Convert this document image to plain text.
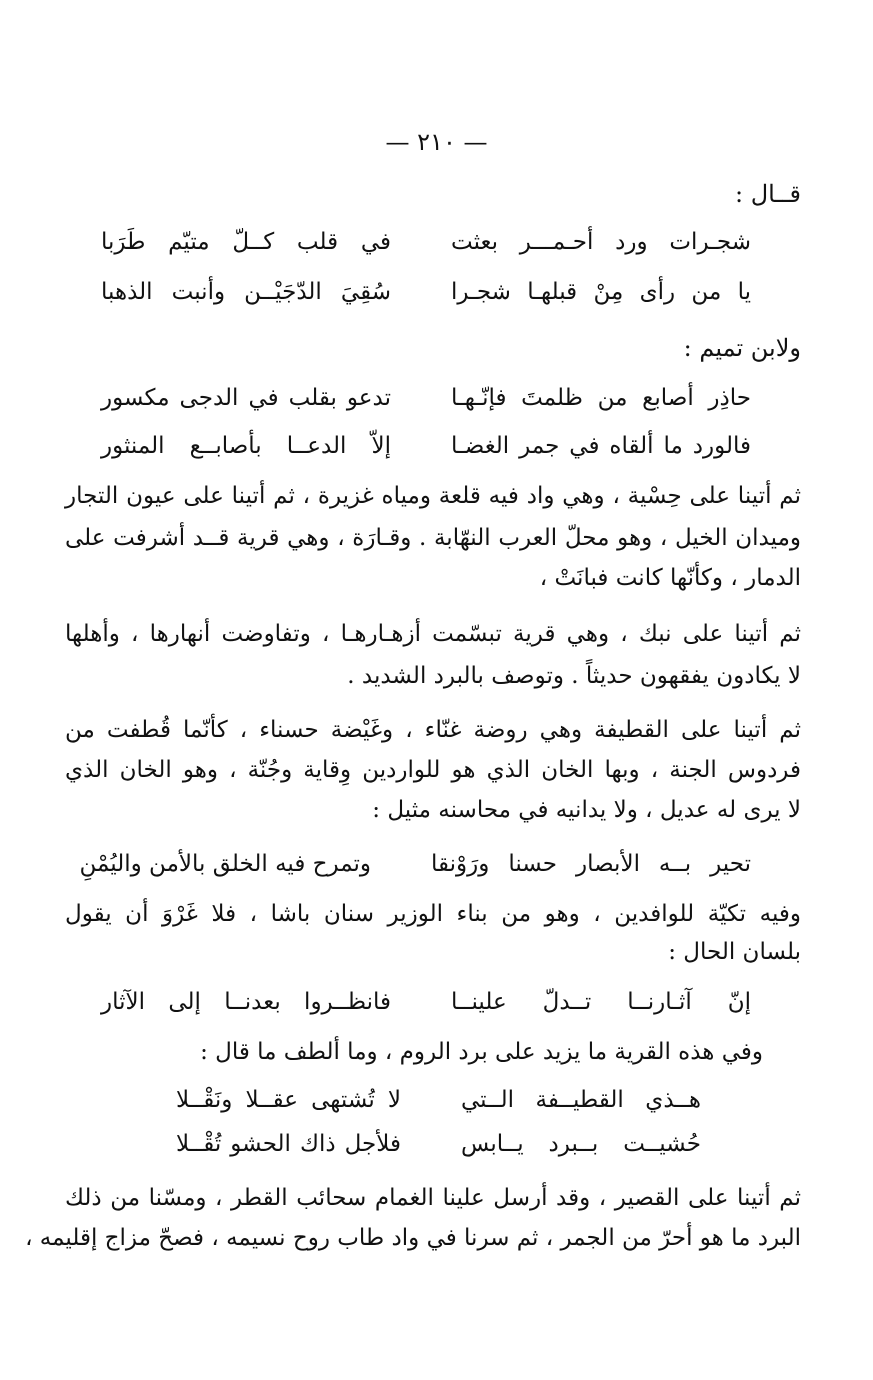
— ٢١٠ —
قــال :
شجـرات ورد أحـمـــر بعثت
في قلب كــلّ متيّم طَرَبا
يا من رأى مِنْ قبلهـا شجـرا
سُقِيَ الدّجَيْــن وأنبت الذهبا
ولابن تميم :
حاذِر أصابع من ظلمتَ فإنّـهـا
تدعو بقلب في الدجى مكسور
فالورد ما ألقاه في جمر الغضـا
إلاّ الدعــا بأصابــع المنثور
ثم أتينا على حِسْية ، وهي واد فيه قلعة ومياه غزيرة ، ثم أتينا على عيون التجار
وميدان الخيل ، وهو محلّ العرب النهّابة . وقـارَة ، وهي قرية قــد أشرفت على
الدمار ، وكأنّها كانت فبانَتْ ،
ثم أتينا على نبك ، وهي قرية تبسّمت أزهـارهـا ، وتفاوضت أنهارها ، وأهلها
لا يكادون يفقهون حديثاً . وتوصف بالبرد الشديد .
ثم أتينا على القطيفة وهي روضة غنّاء ، وغَيْضة حسناء ، كأنّما قُطفت من
فردوس الجنة ، وبها الخان الذي هو للواردين وِقاية وجُنّة ، وهو الخان الذي
لا يرى له عديل ، ولا يدانيه في محاسنه مثيل :
تحير بــه الأبصار حسنا ورَوْنقا
وتمرح فيه الخلق بالأمن واليُمْنِ
وفيه تكيّة للوافدين ، وهو من بناء الوزير سنان باشا ، فلا غَرْوَ أن يقول
بلسان الحال :
إنّ آثـارنــا تــدلّ علينــا
فانظــروا بعدنــا إلى الآثار
وفي هذه القرية ما يزيد على برد الروم ، وما ألطف ما قال :
هــذي القطيــفة الــتي
لا تُشتهى عقــلا ونَقْــلا
حُشيــت بــبرد يــابس
فلأجل ذاك الحشو تُقْــلا
ثم أتينا على القصير ، وقد أرسل علينا الغمام سحائب القطر ، ومسّنا من ذلك
البرد ما هو أحرّ من الجمر ، ثم سرنا في واد طاب روح نسيمه ، فصحّ مزاج إقليمه ،
